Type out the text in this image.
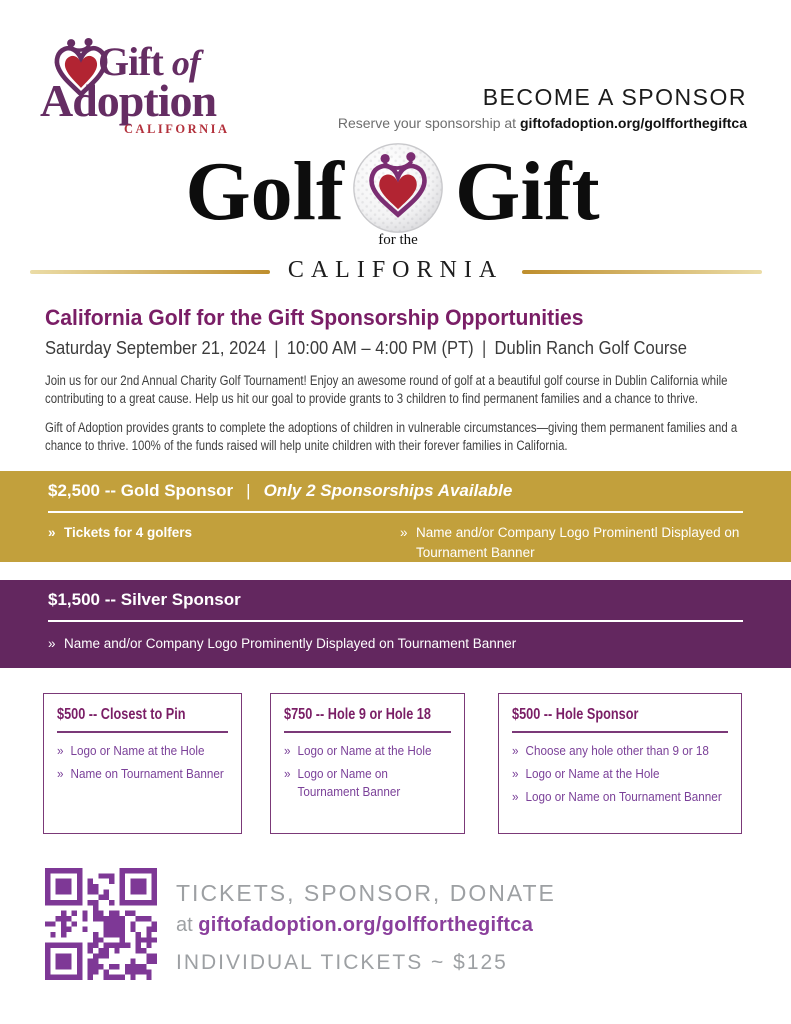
Gift of
Adoption
CALIFORNIA
BECOME A SPONSOR
Reserve your sponsorship at giftofadoption.org/golfforthegiftca
Golf Gift
for the
CALIFORNIA
California Golf for the Gift Sponsorship Opportunities
Saturday September 21, 2024 | 10:00 AM – 4:00 PM (PT) | Dublin Ranch Golf Course

Join us for our 2nd Annual Charity Golf Tournament! Enjoy an awesome round of golf at a beautiful golf course in Dublin California while contributing to a great cause. Help us hit our goal to provide grants to 3 children to find permanent families and a chance to thrive.

Gift of Adoption provides grants to complete the adoptions of children in vulnerable circumstances—giving them permanent families and a chance to thrive. 100% of the funds raised will help unite children with their forever families in California.

$2,500 -- Gold Sponsor | Only 2 Sponsorships Available
» Tickets for 4 golfers	» Name and/or Company Logo Prominentl Displayed on Tournament Banner
$1,500 -- Silver Sponsor
» Name and/or Company Logo Prominently Displayed on Tournament Banner
$500 -- Closest to Pin
» Logo or Name at the Hole
» Name on Tournament Banner
$750 -- Hole 9 or Hole 18
» Logo or Name at the Hole
» Logo or Name on Tournament Banner
$500 -- Hole Sponsor
» Choose any hole other than 9 or 18
» Logo or Name at the Hole
» Logo or Name on Tournament Banner
TICKETS, SPONSOR, DONATE
at giftofadoption.org/golfforthegiftca
INDIVIDUAL TICKETS ~ $125
